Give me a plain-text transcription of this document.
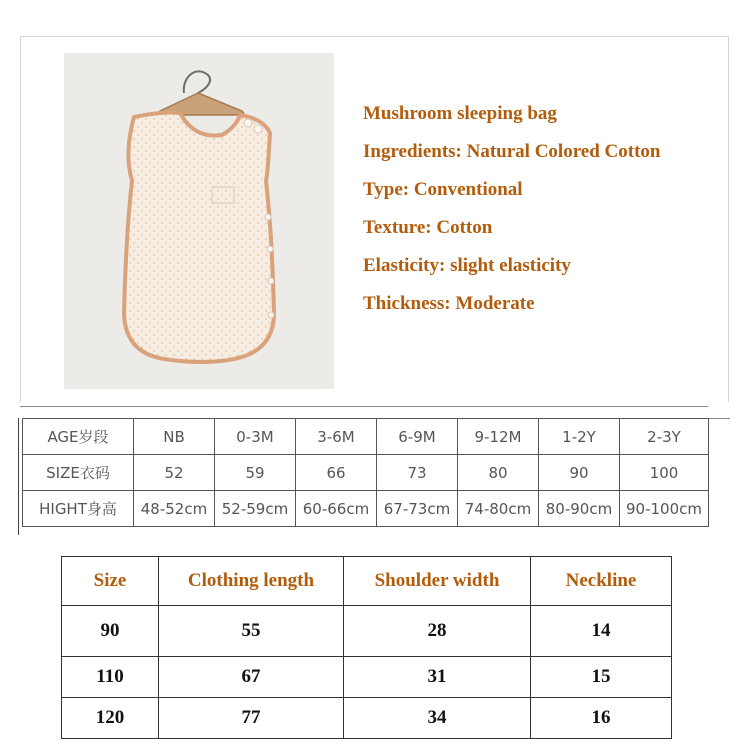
Mushroom sleeping bag
Ingredients: Natural Colored Cotton
Type: Conventional
Texture: Cotton
Elasticity: slight elasticity
Thickness: Moderate
AGE岁段	NB	0-3M	3-6M	6-9M	9-12M	1-2Y	2-3Y
SIZE衣码	52	59	66	73	80	90	100
HIGHT身高	48-52cm	52-59cm	60-66cm	67-73cm	74-80cm	80-90cm	90-100cm
Size	Clothing length	Shoulder width	Neckline
90	55	28	14
110	67	31	15
120	77	34	16
